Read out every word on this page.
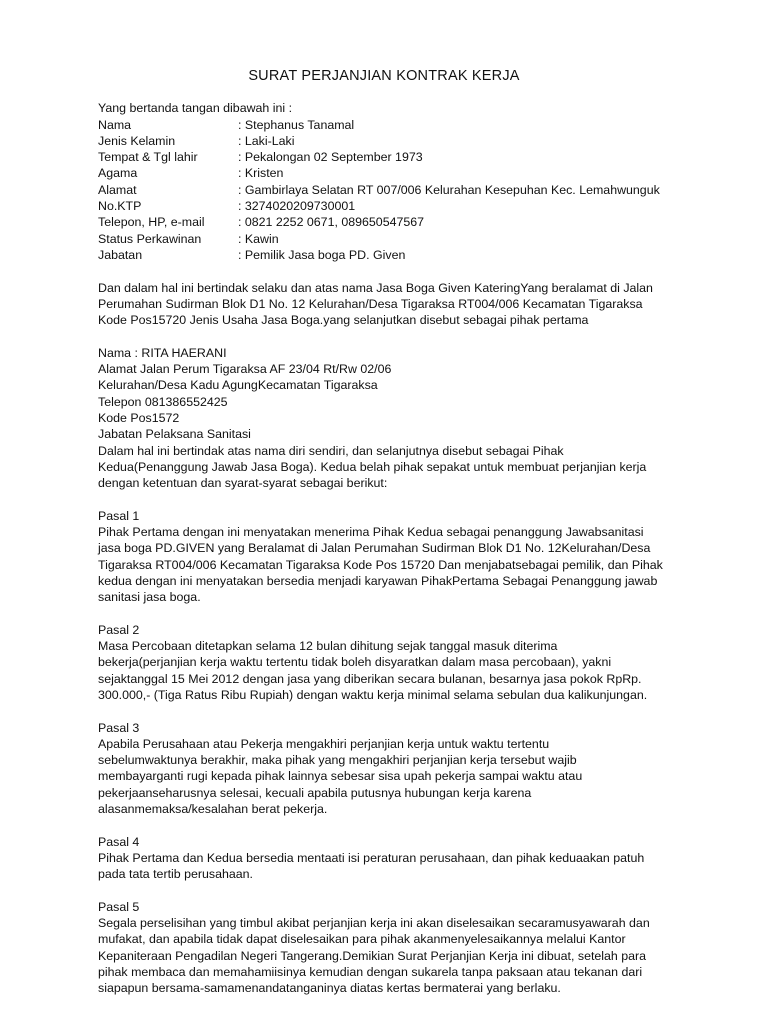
SURAT PERJANJIAN KONTRAK KERJA

Yang bertanda tangan dibawah ini :

Nama	: Stephanus Tanamal
Jenis Kelamin	: Laki-Laki
Tempat & Tgl lahir	: Pekalongan 02 September 1973
Agama	: Kristen
Alamat	: Gambirlaya Selatan RT 007/006 Kelurahan Kesepuhan Kec. Lemahwunguk
No.KTP	: 3274020209730001
Telepon, HP, e-mail	: 0821 2252 0671, 089650547567
Status Perkawinan	: Kawin
Jabatan	: Pemilik Jasa boga PD. Given

Dan dalam hal ini bertindak selaku dan atas nama Jasa Boga Given KateringYang beralamat di Jalan

Perumahan Sudirman Blok D1 No. 12 Kelurahan/Desa Tigaraksa RT004/006 Kecamatan Tigaraksa

Kode Pos15720 Jenis Usaha Jasa Boga.yang selanjutkan disebut sebagai pihak pertama

Nama : RITA HAERANI

Alamat Jalan Perum Tigaraksa AF 23/04 Rt/Rw 02/06

Kelurahan/Desa Kadu AgungKecamatan Tigaraksa

Telepon 081386552425

Kode Pos1572

Jabatan Pelaksana Sanitasi

Dalam hal ini bertindak atas nama diri sendiri, dan selanjutnya disebut sebagai Pihak

Kedua(Penanggung Jawab Jasa Boga). Kedua belah pihak sepakat untuk membuat perjanjian kerja

dengan ketentuan dan syarat-syarat sebagai berikut:

Pasal 1

Pihak Pertama dengan ini menyatakan menerima Pihak Kedua sebagai penanggung Jawabsanitasi

jasa boga PD.GIVEN yang Beralamat di Jalan Perumahan Sudirman Blok D1 No. 12Kelurahan/Desa

Tigaraksa RT004/006 Kecamatan Tigaraksa Kode Pos 15720 Dan menjabatsebagai pemilik, dan Pihak

kedua dengan ini menyatakan bersedia menjadi karyawan PihakPertama Sebagai Penanggung jawab

sanitasi jasa boga.

Pasal 2

Masa Percobaan ditetapkan selama 12 bulan dihitung sejak tanggal masuk diterima

bekerja(perjanjian kerja waktu tertentu tidak boleh disyaratkan dalam masa percobaan), yakni

sejaktanggal 15 Mei 2012 dengan jasa yang diberikan secara bulanan, besarnya jasa pokok RpRp.

300.000,- (Tiga Ratus Ribu Rupiah) dengan waktu kerja minimal selama sebulan dua kalikunjungan.

Pasal 3

Apabila Perusahaan atau Pekerja mengakhiri perjanjian kerja untuk waktu tertentu

sebelumwaktunya berakhir, maka pihak yang mengakhiri perjanjian kerja tersebut wajib

membayarganti rugi kepada pihak lainnya sebesar sisa upah pekerja sampai waktu atau

pekerjaanseharusnya selesai, kecuali apabila putusnya hubungan kerja karena

alasanmemaksa/kesalahan berat pekerja.

Pasal 4

Pihak Pertama dan Kedua bersedia mentaati isi peraturan perusahaan, dan pihak keduaakan patuh

pada tata tertib perusahaan.

Pasal 5

Segala perselisihan yang timbul akibat perjanjian kerja ini akan diselesaikan secaramusyawarah dan

mufakat, dan apabila tidak dapat diselesaikan para pihak akanmenyelesaikannya melalui Kantor

Kepaniteraan Pengadilan Negeri Tangerang.Demikian Surat Perjanjian Kerja ini dibuat, setelah para

pihak membaca dan memahamiisinya kemudian dengan sukarela tanpa paksaan atau tekanan dari

siapapun bersama-samamenandatanganinya diatas kertas bermaterai yang berlaku.
